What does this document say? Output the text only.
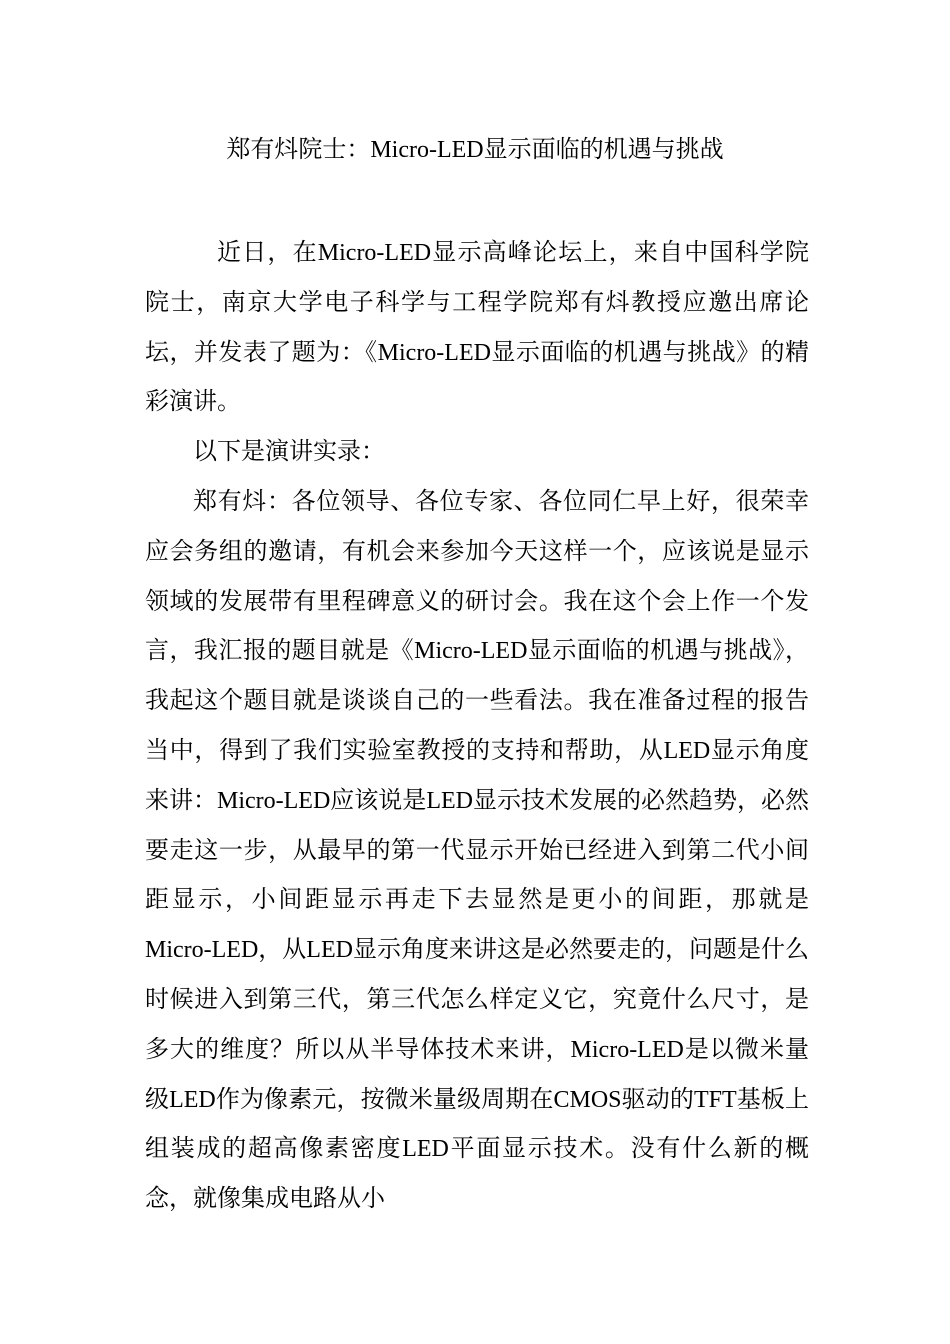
郑有炓院士：Micro-LED显示面临的机遇与挑战

近日，在Micro-LED显示高峰论坛上，来自中国科学院院士，南京大学电子科学与工程学院郑有炓教授应邀出席论坛，并发表了题为：《Micro-LED显示面临的机遇与挑战》的精彩演讲。

以下是演讲实录：

郑有炓：各位领导、各位专家、各位同仁早上好，很荣幸应会务组的邀请，有机会来参加今天这样一个，应该说是显示领域的发展带有里程碑意义的研讨会。我在这个会上作一个发言，我汇报的题目就是《Micro-LED显示面临的机遇与挑战》，我起这个题目就是谈谈自己的一些看法。我在准备过程的报告当中，得到了我们实验室教授的支持和帮助，从LED显示角度来讲：Micro-LED应该说是LED显示技术发展的必然趋势，必然要走这一步，从最早的第一代显示开始已经进入到第二代小间距显示，小间距显示再走下去显然是更小的间距，那就是Micro-LED，从LED显示角度来讲这是必然要走的，问题是什么时候进入到第三代，第三代怎么样定义它，究竟什么尺寸，是多大的维度？所以从半导体技术来讲，Micro-LED是以微米量级LED作为像素元，按微米量级周期在CMOS驱动的TFT基板上组装成的超高像素密度LED平面显示技术。没有什么新的概念，就像集成电路从小
